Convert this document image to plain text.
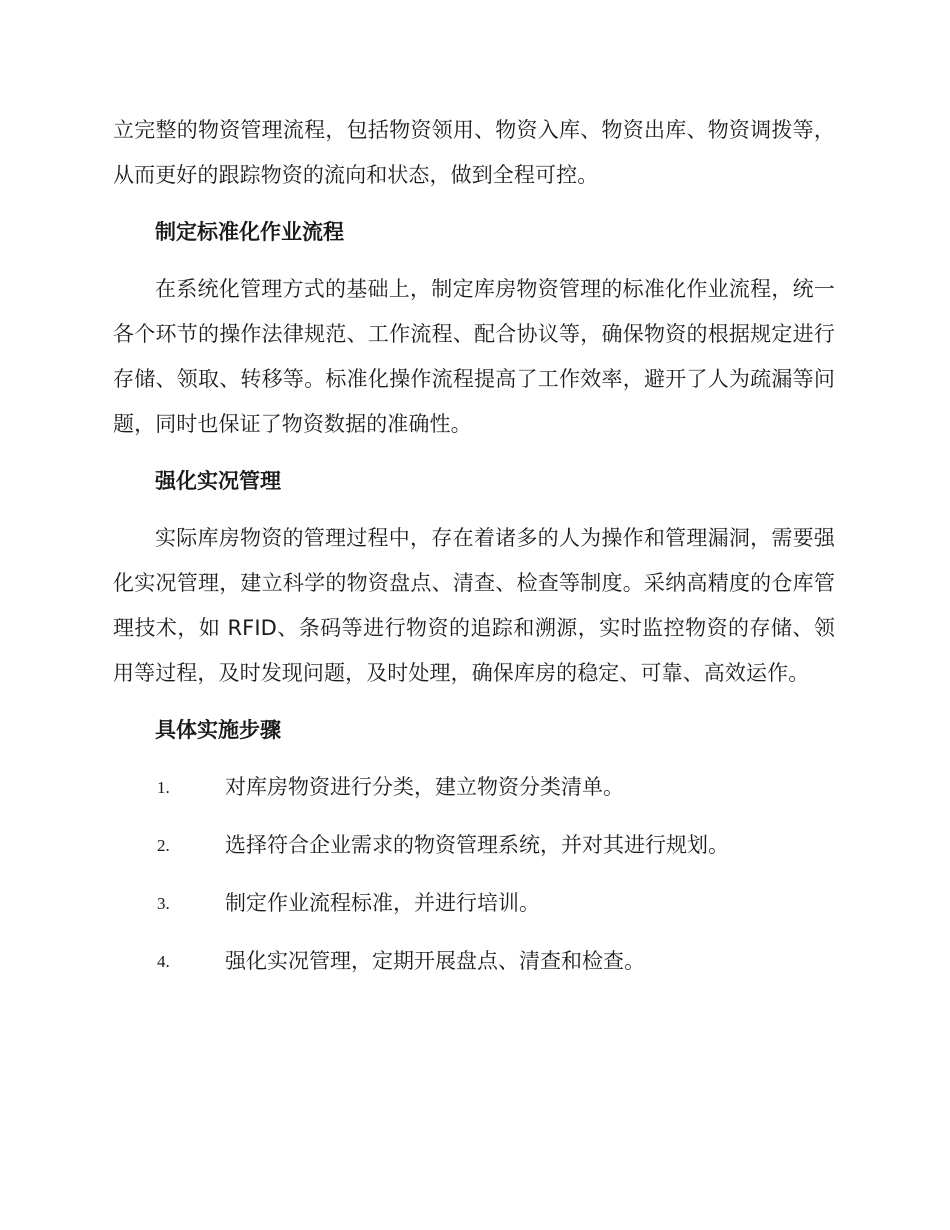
立完整的物资管理流程，包括物资领用、物资入库、物资出库、物资调拨等，从而更好的跟踪物资的流向和状态，做到全程可控。

制定标准化作业流程

在系统化管理方式的基础上，制定库房物资管理的标准化作业流程，统一各个环节的操作法律规范、工作流程、配合协议等，确保物资的根据规定进行存储、领取、转移等。标准化操作流程提高了工作效率，避开了人为疏漏等问题，同时也保证了物资数据的准确性。

强化实况管理

实际库房物资的管理过程中，存在着诸多的人为操作和管理漏洞，需要强化实况管理，建立科学的物资盘点、清查、检查等制度。采纳高精度的仓库管理技术，如 RFID、条码等进行物资的追踪和溯源，实时监控物资的存储、领用等过程，及时发现问题，及时处理，确保库房的稳定、可靠、高效运作。

具体实施步骤
1.	对库房物资进行分类，建立物资分类清单。
2.	选择符合企业需求的物资管理系统，并对其进行规划。
3.	制定作业流程标准，并进行培训。
4.	强化实况管理，定期开展盘点、清查和检查。
